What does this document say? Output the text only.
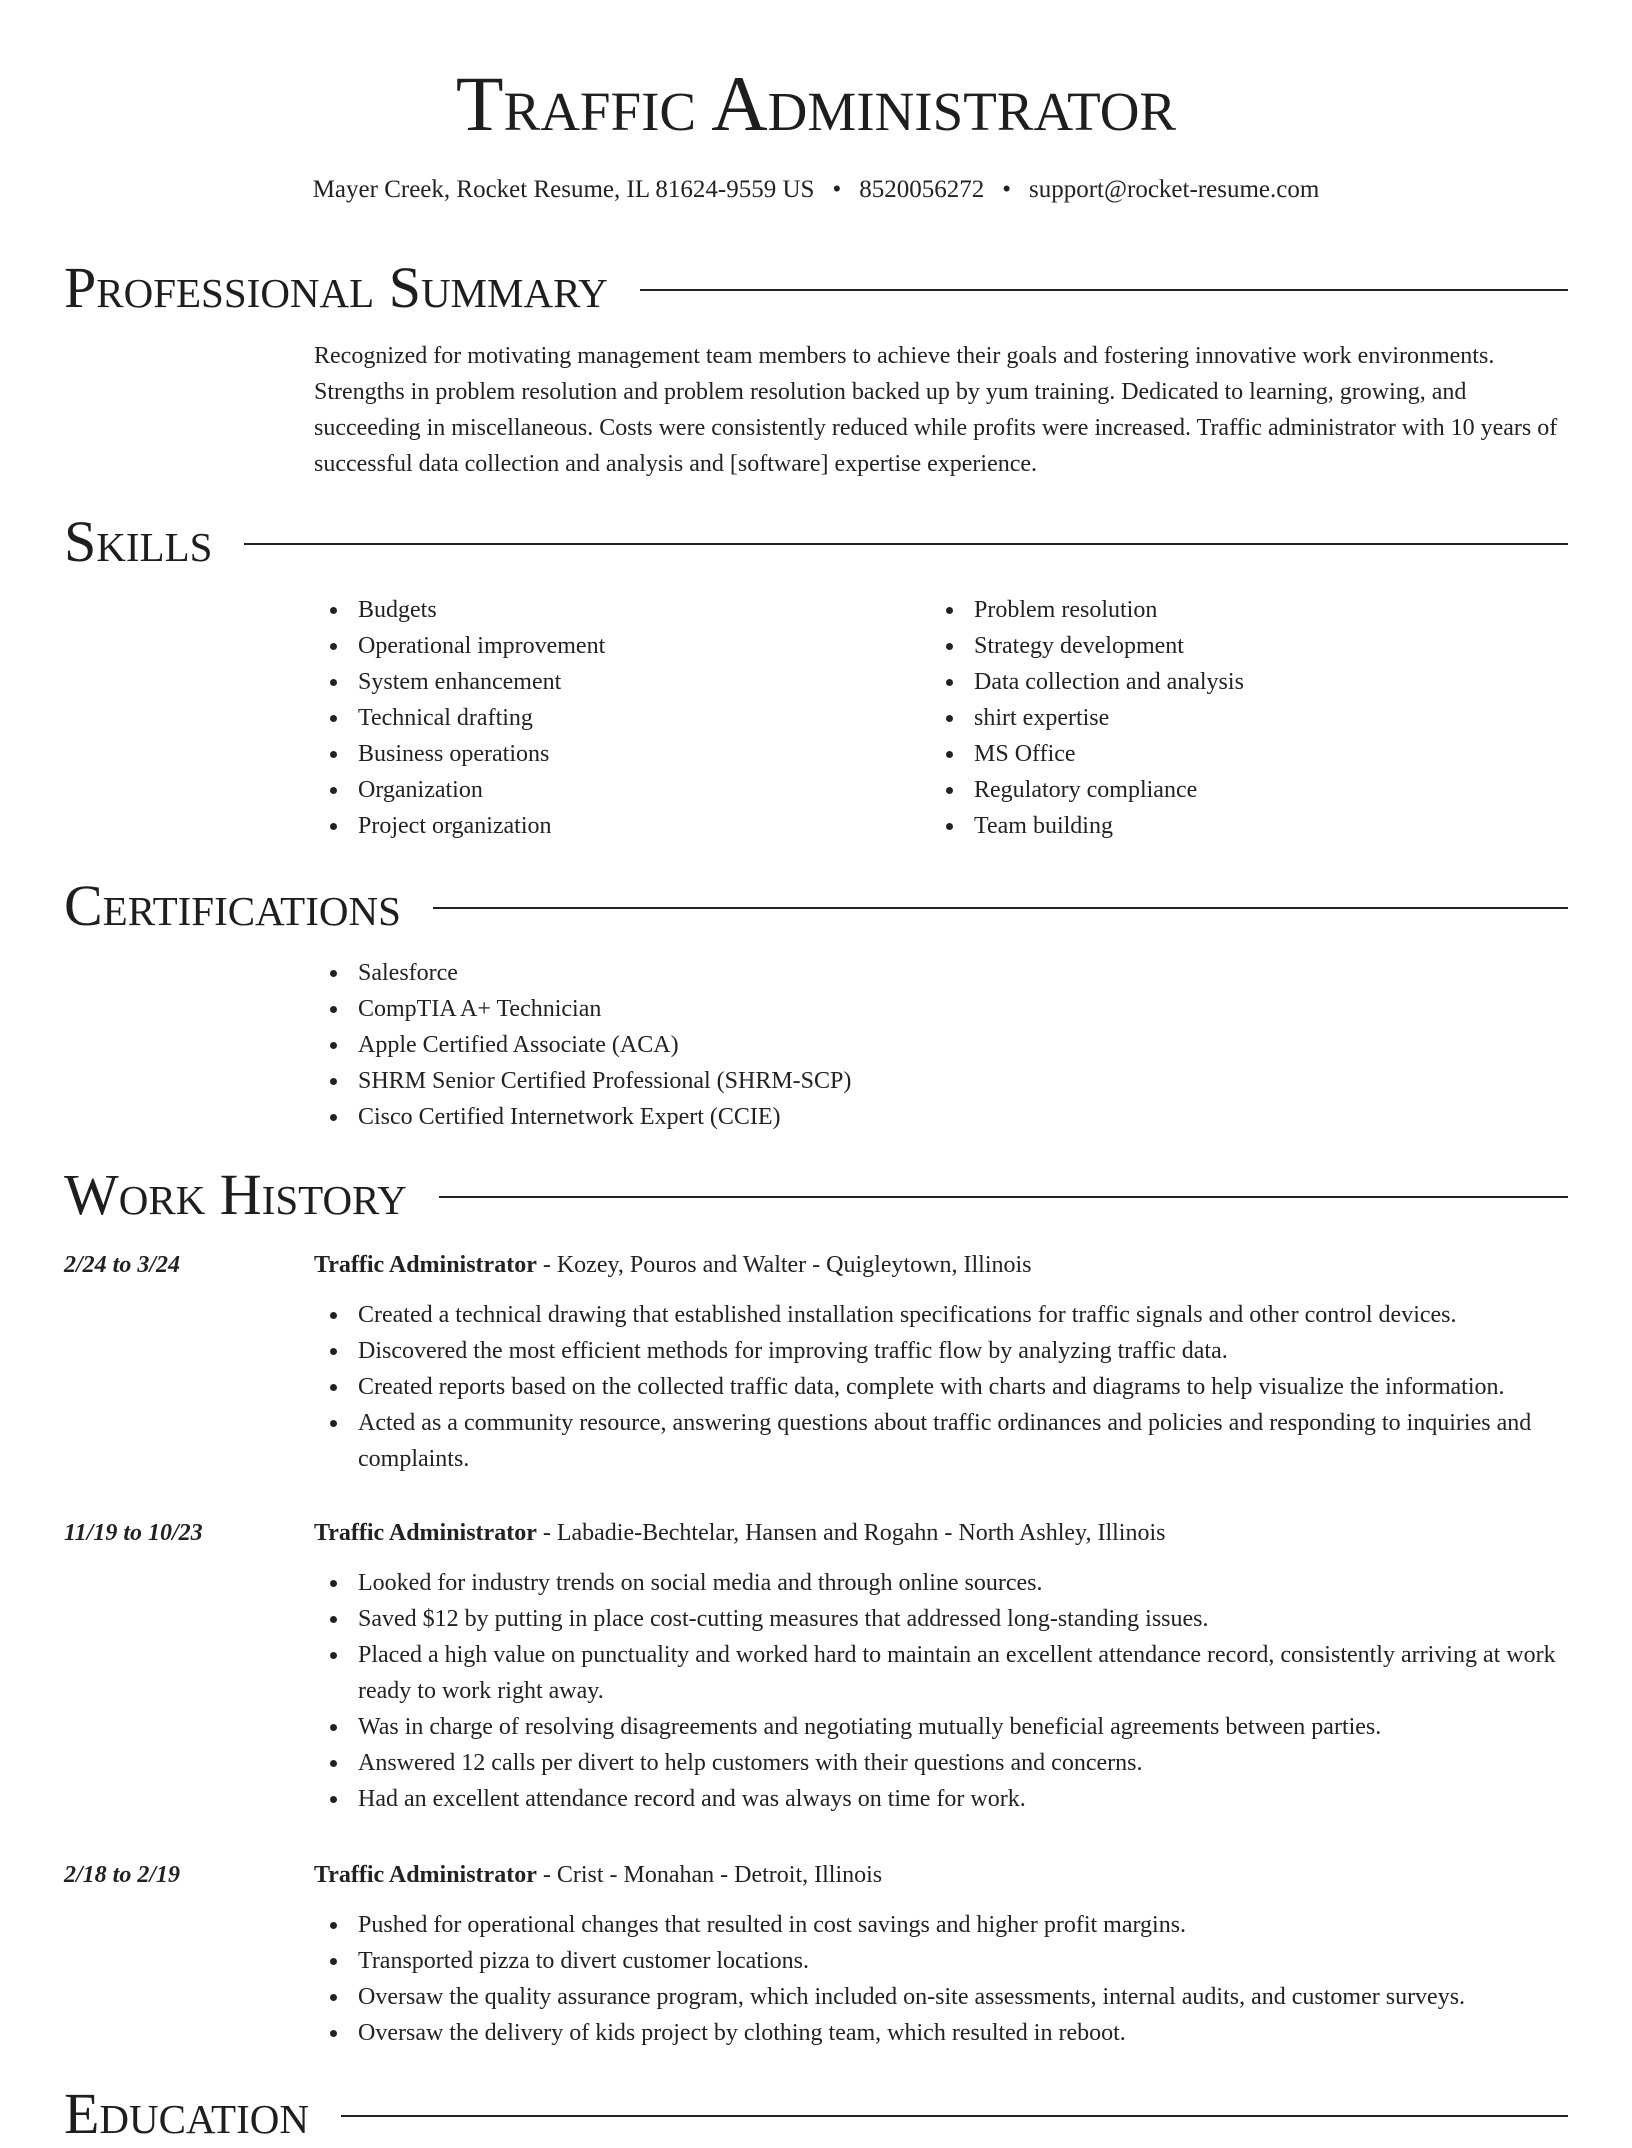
Traffic Administrator
Mayer Creek, Rocket Resume, IL 81624-9559 US • 8520056272 • support@rocket-resume.com
Professional Summary

Recognized for motivating management team members to achieve their goals and fostering innovative work environments. Strengths in problem resolution and problem resolution backed up by yum training. Dedicated to learning, growing, and succeeding in miscellaneous. Costs were consistently reduced while profits were increased. Traffic administrator with 10 years of successful data collection and analysis and [software] expertise experience.

Skills
Budgets
Operational improvement
System enhancement
Technical drafting
Business operations
Organization
Project organization
Problem resolution
Strategy development
Data collection and analysis
shirt expertise
MS Office
Regulatory compliance
Team building
Certifications
Salesforce
CompTIA A+ Technician
Apple Certified Associate (ACA)
SHRM Senior Certified Professional (SHRM-SCP)
Cisco Certified Internetwork Expert (CCIE)
Work History
2/24 to 3/24	Traffic Administrator - Kozey, Pouros and Walter - Quigleytown, Illinois

Created a technical drawing that established installation specifications for traffic signals and other control devices.
Discovered the most efficient methods for improving traffic flow by analyzing traffic data.
Created reports based on the collected traffic data, complete with charts and diagrams to help visualize the information.
Acted as a community resource, answering questions about traffic ordinances and policies and responding to inquiries and complaints.
11/19 to 10/23	Traffic Administrator - Labadie-Bechtelar, Hansen and Rogahn - North Ashley, Illinois

Looked for industry trends on social media and through online sources.
Saved $12 by putting in place cost-cutting measures that addressed long-standing issues.
Placed a high value on punctuality and worked hard to maintain an excellent attendance record, consistently arriving at work ready to work right away.
Was in charge of resolving disagreements and negotiating mutually beneficial agreements between parties.
Answered 12 calls per divert to help customers with their questions and concerns.
Had an excellent attendance record and was always on time for work.
2/18 to 2/19	Traffic Administrator - Crist - Monahan - Detroit, Illinois

Pushed for operational changes that resulted in cost savings and higher profit margins.
Transported pizza to divert customer locations.
Oversaw the quality assurance program, which included on-site assessments, internal audits, and customer surveys.
Oversaw the delivery of kids project by clothing team, which resulted in reboot.
Education
